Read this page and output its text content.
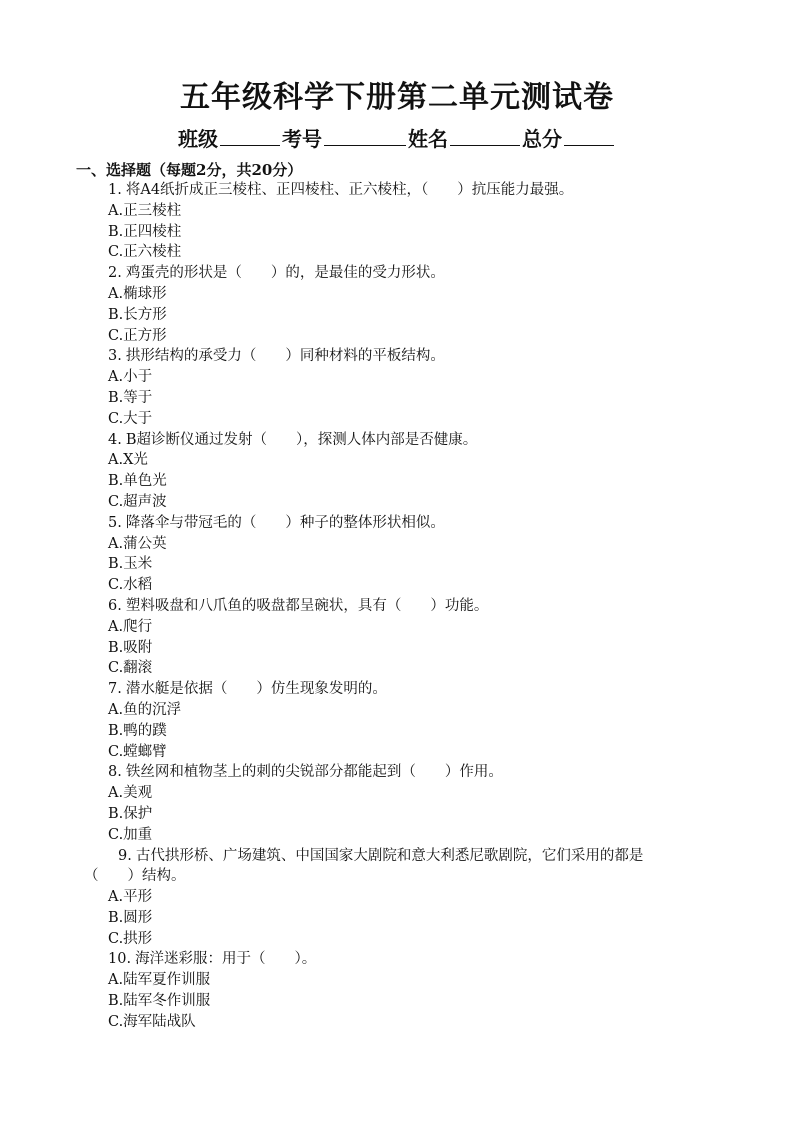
五年级科学下册第二单元测试卷
班级	考号	姓名	总分
一、选择题（每题2分，共20分）
1. 将A4纸折成正三棱柱、正四棱柱、正六棱柱，（　　）抗压能力最强。
A.正三棱柱
B.正四棱柱
C.正六棱柱
2. 鸡蛋壳的形状是（　　）的，是最佳的受力形状。
A.椭球形
B.长方形
C.正方形
3. 拱形结构的承受力（　　）同种材料的平板结构。
A.小于
B.等于
C.大于
4. B超诊断仪通过发射（　　），探测人体内部是否健康。
A.X光
B.单色光
C.超声波
5. 降落伞与带冠毛的（　　）种子的整体形状相似。
A.蒲公英
B.玉米
C.水稻
6. 塑料吸盘和八爪鱼的吸盘都呈碗状，具有（　　）功能。
A.爬行
B.吸附
C.翻滚
7. 潜水艇是依据（　　）仿生现象发明的。
A.鱼的沉浮
B.鸭的蹼
C.螳螂臂
8. 铁丝网和植物茎上的刺的尖锐部分都能起到（　　）作用。
A.美观
B.保护
C.加重
9. 古代拱形桥、广场建筑、中国国家大剧院和意大利悉尼歌剧院，它们采用的都是
（　　）结构。
A.平形
B.圆形
C.拱形
10. 海洋迷彩服：用于（　　）。
A.陆军夏作训服
B.陆军冬作训服
C.海军陆战队
